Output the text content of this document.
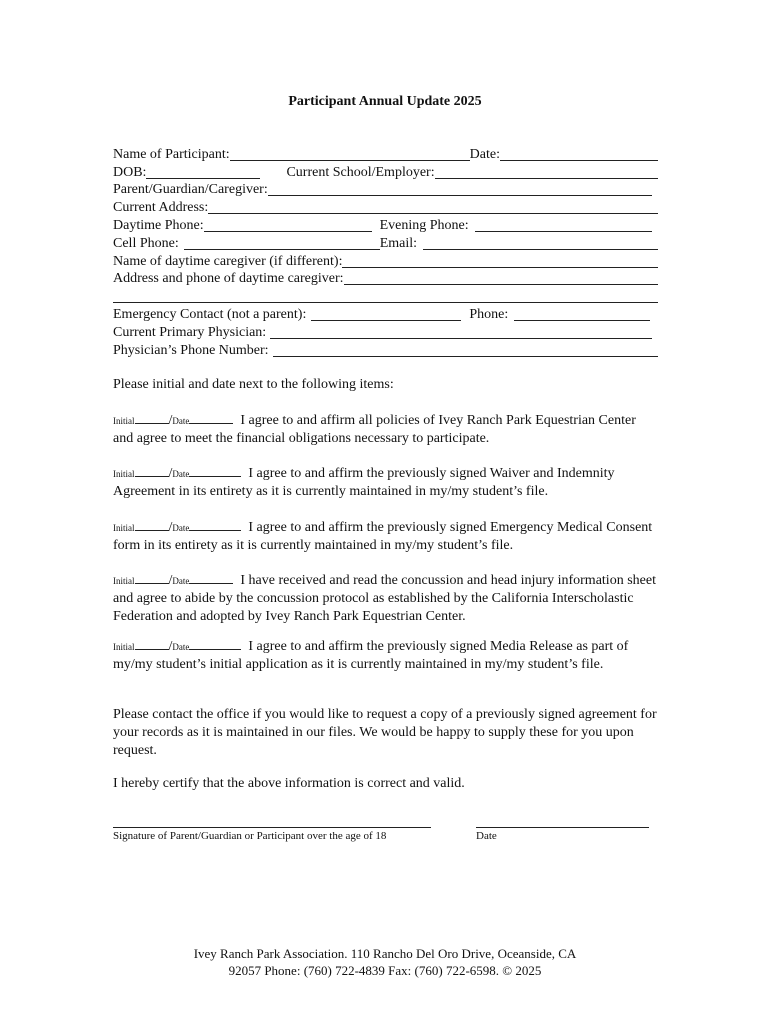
Participant Annual Update 2025
Name of Participant:	Date:
DOB:	Current School/Employer:
Parent/Guardian/Caregiver:
Current Address:
Daytime Phone:	Evening Phone:
Cell Phone:	Email:
Name of daytime caregiver (if different):
Address and phone of daytime caregiver:
Emergency Contact (not a parent):	Phone:
Current Primary Physician:
Physician’s Phone Number:
Please initial and date next to the following items:
Initial /Date	I agree to and affirm all policies of Ivey Ranch Park Equestrian Center and agree to meet the financial obligations necessary to participate.
Initial /Date	I agree to and affirm the previously signed Waiver and Indemnity Agreement in its entirety as it is currently maintained in my/my student’s file.
Initial /Date	I agree to and affirm the previously signed Emergency Medical Consent form in its entirety as it is currently maintained in my/my student’s file.
Initial /Date	I have received and read the concussion and head injury information sheet and agree to abide by the concussion protocol as established by the California Interscholastic Federation and adopted by Ivey Ranch Park Equestrian Center.
Initial /Date	I agree to and affirm the previously signed Media Release as part of my/my student’s initial application as it is currently maintained in my/my student’s file.
Please contact the office if you would like to request a copy of a previously signed agreement for your records as it is maintained in our files. We would be happy to supply these for you upon request.
I hereby certify that the above information is correct and valid.
Signature of Parent/Guardian or Participant over the age of 18	Date
Ivey Ranch Park Association. 110 Rancho Del Oro Drive, Oceanside, CA
92057 Phone: (760) 722-4839 Fax: (760) 722-6598. © 2025
